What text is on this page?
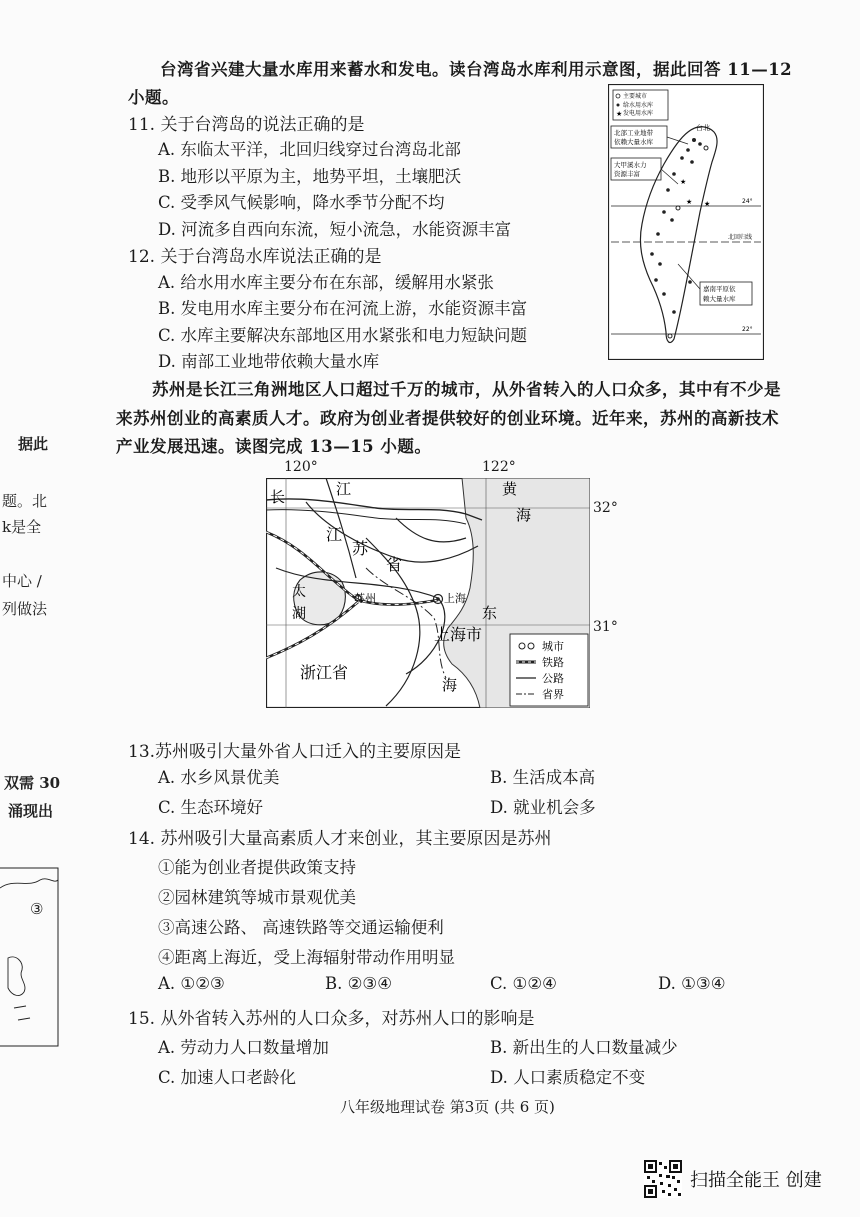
台湾省兴建大量水库用来蓄水和发电。读台湾岛水库利用示意图，据此回答 11—12
小题。
11. 关于台湾岛的说法正确的是
A. 东临太平洋，北回归线穿过台湾岛北部
B. 地形以平原为主，地势平坦，土壤肥沃
C. 受季风气候影响，降水季节分配不均
D. 河流多自西向东流，短小流急，水能资源丰富
12. 关于台湾岛水库说法正确的是
A. 给水用水库主要分布在东部，缓解用水紧张
B. 发电用水库主要分布在河流上游，水能资源丰富
C. 水库主要解决东部地区用水紧张和电力短缺问题
D. 南部工业地带依赖大量水库
主要城市
给水用水库
★ 发电用水库
北部工业地带
依赖大量水库
大甲溪水力
资源丰富
嘉南平原依
赖大量水库
24°
北回归线
22°
台北
★
★ ★
苏州是长江三角洲地区人口超过千万的城市，从外省转入的人口众多，其中有不少是
来苏州创业的高素质人才。政府为创业者提供较好的创业环境。近年来，苏州的高新技术
产业发展迅速。读图完成 13—15 小题。
120°	122°
32°
31°
长	江	黄
海
江
苏
省
太
湖
苏州	上海
上海市
东
海
浙江省
城市
铁路
公路
省界
13.苏州吸引大量外省人口迁入的主要原因是
A. 水乡风景优美	B. 生活成本高
C. 生态环境好	D. 就业机会多
14. 苏州吸引大量高素质人才来创业，其主要原因是苏州
①能为创业者提供政策支持
②园林建筑等城市景观优美
③高速公路、 高速铁路等交通运输便利
④距离上海近，受上海辐射带动作用明显
A. ①②③	B. ②③④	C. ①②④	D. ①③④
15. 从外省转入苏州的人口众多，对苏州人口的影响是
A. 劳动力人口数量增加	B. 新出生的人口数量减少
C. 加速人口老龄化	D. 人口素质稳定不变
八年级地理试卷 第3页 (共 6 页)
据此
题。北
k是全
中心 ∕
列做法
双需 30
涌现出
③
扫描全能王 创建
